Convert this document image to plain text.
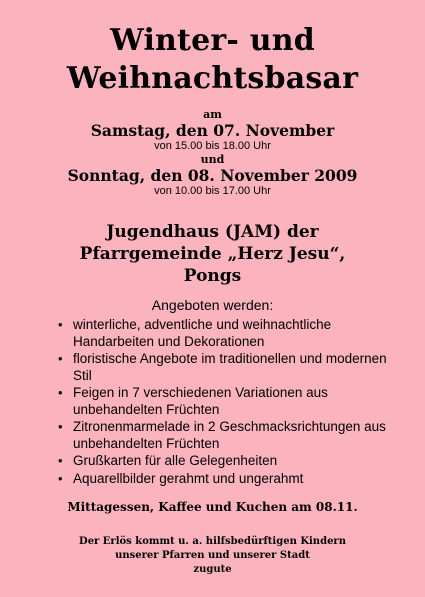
Winter- und
Weihnachtsbasar
am
Samstag, den 07. November
von 15.00 bis 18.00 Uhr
und
Sonntag, den 08. November 2009
von 10.00 bis 17.00 Uhr
Jugendhaus (JAM) der
Pfarrgemeinde „Herz Jesu“,
Pongs
Angeboten werden:
• winterliche, adventliche und weihnachtliche Handarbeiten und Dekorationen
• floristische Angebote im traditionellen und modernen Stil
• Feigen in 7 verschiedenen Variationen aus unbehandelten Früchten
• Zitronenmarmelade in 2 Geschmacksrichtungen aus unbehandelten Früchten
• Grußkarten für alle Gelegenheiten
• Aquarellbilder gerahmt und ungerahmt
Mittagessen, Kaffee und Kuchen am 08.11.
Der Erlös kommt u. a. hilfsbedürftigen Kindern
unserer Pfarren und unserer Stadt
zugute
